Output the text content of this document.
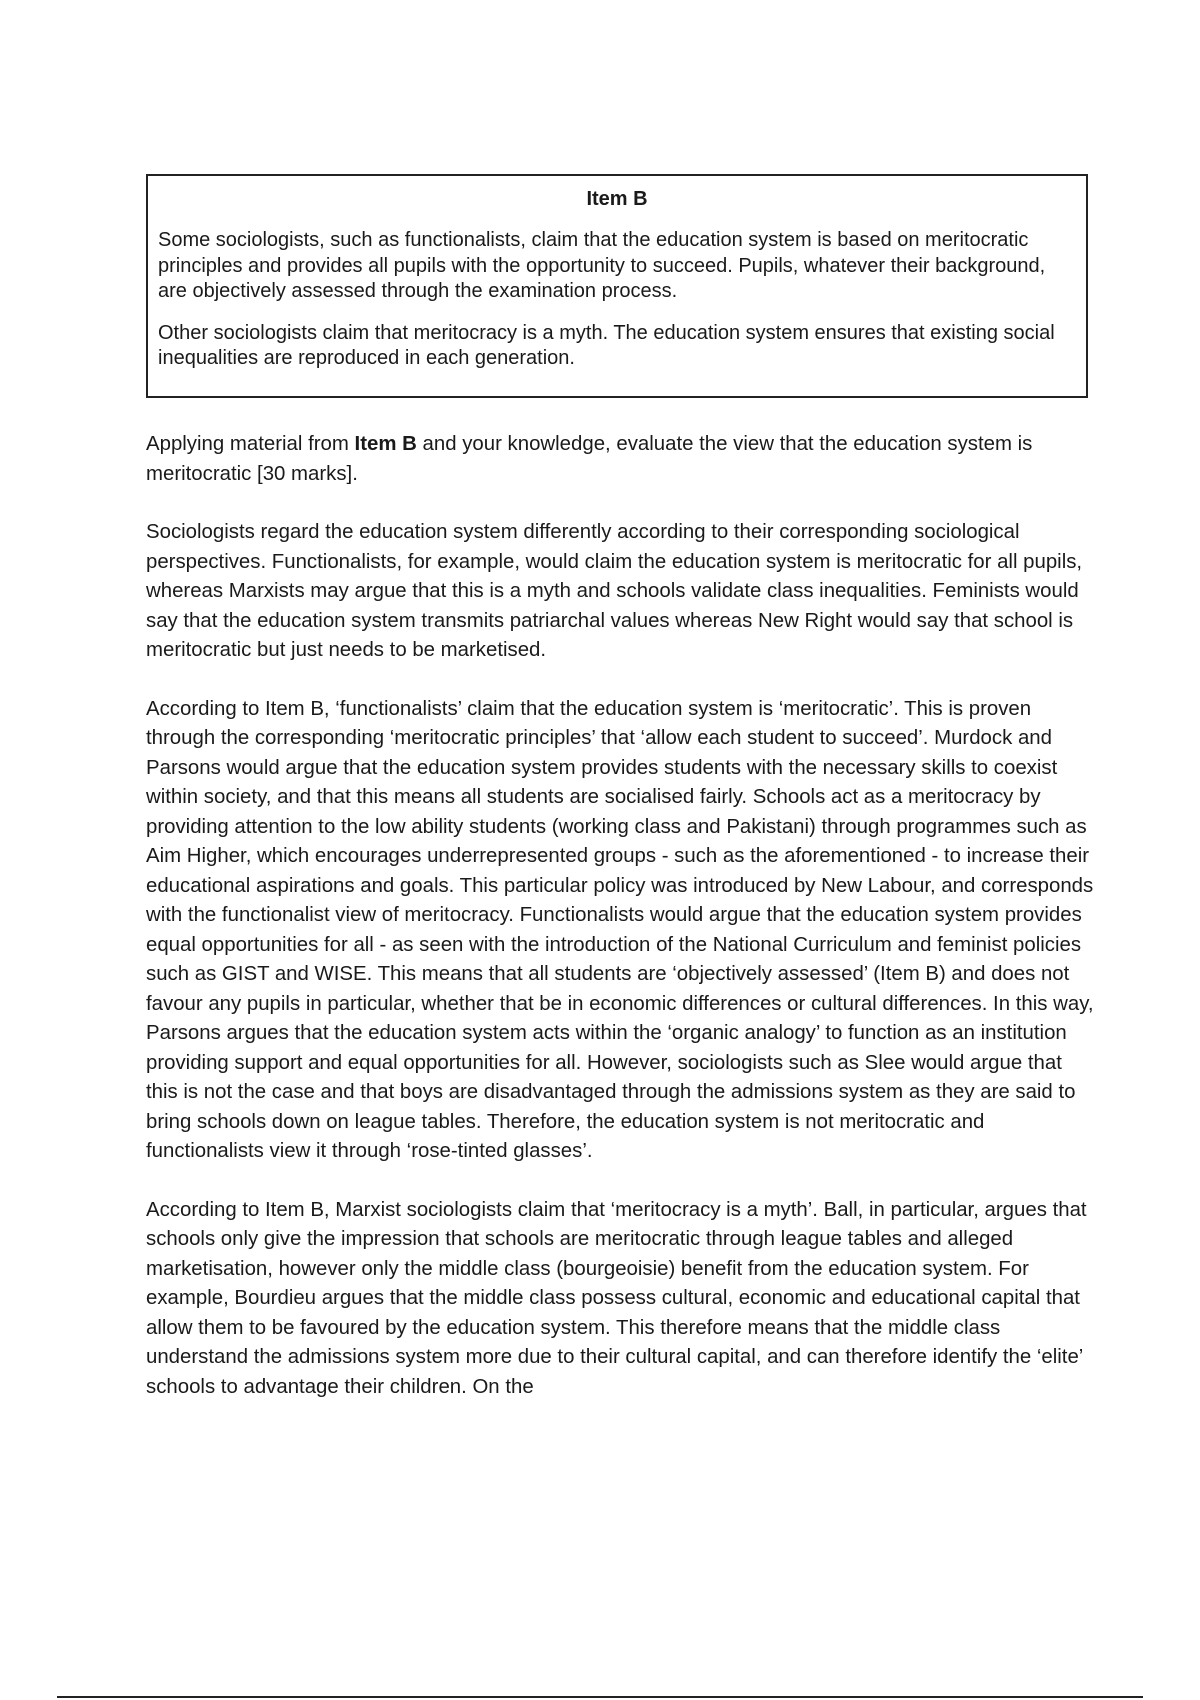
Item B

Some sociologists, such as functionalists, claim that the education system is based on meritocratic principles and provides all pupils with the opportunity to succeed. Pupils, whatever their background, are objectively assessed through the examination process.

Other sociologists claim that meritocracy is a myth. The education system ensures that existing social inequalities are reproduced in each generation.

Applying material from Item B and your knowledge, evaluate the view that the education system is meritocratic [30 marks].

Sociologists regard the education system differently according to their corresponding sociological perspectives. Functionalists, for example, would claim the education system is meritocratic for all pupils, whereas Marxists may argue that this is a myth and schools validate class inequalities. Feminists would say that the education system transmits patriarchal values whereas New Right would say that school is meritocratic but just needs to be marketised.

According to Item B, ‘functionalists’ claim that the education system is ‘meritocratic’. This is proven through the corresponding ‘meritocratic principles’ that ‘allow each student to succeed’. Murdock and Parsons would argue that the education system provides students with the necessary skills to coexist within society, and that this means all students are socialised fairly. Schools act as a meritocracy by providing attention to the low ability students (working class and Pakistani) through programmes such as Aim Higher, which encourages underrepresented groups - such as the aforementioned - to increase their educational aspirations and goals. This particular policy was introduced by New Labour, and corresponds with the functionalist view of meritocracy. Functionalists would argue that the education system provides equal opportunities for all - as seen with the introduction of the National Curriculum and feminist policies such as GIST and WISE. This means that all students are ‘objectively assessed’ (Item B) and does not favour any pupils in particular, whether that be in economic differences or cultural differences. In this way, Parsons argues that the education system acts within the ‘organic analogy’ to function as an institution providing support and equal opportunities for all. However, sociologists such as Slee would argue that this is not the case and that boys are disadvantaged through the admissions system as they are said to bring schools down on league tables. Therefore, the education system is not meritocratic and functionalists view it through ‘rose-tinted glasses’.

According to Item B, Marxist sociologists claim that ‘meritocracy is a myth’. Ball, in particular, argues that schools only give the impression that schools are meritocratic through league tables and alleged marketisation, however only the middle class (bourgeoisie) benefit from the education system. For example, Bourdieu argues that the middle class possess cultural, economic and educational capital that allow them to be favoured by the education system. This therefore means that the middle class understand the admissions system more due to their cultural capital, and can therefore identify the ‘elite’ schools to advantage their children. On the
